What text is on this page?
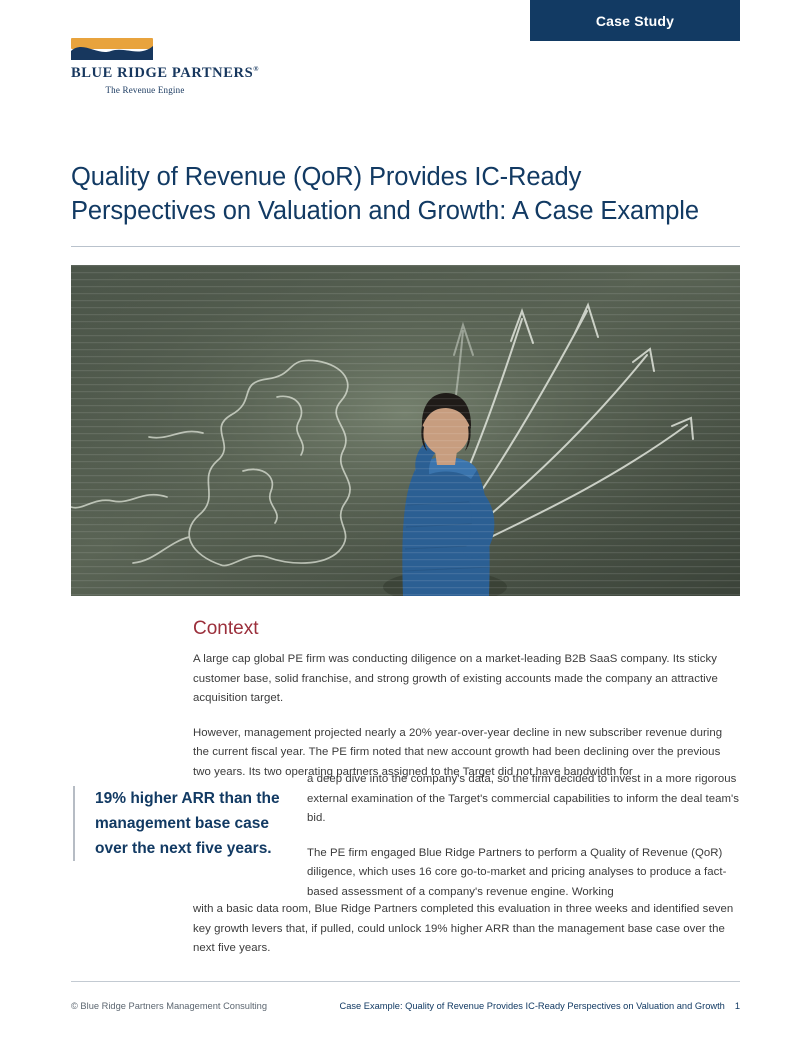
Case Study
BLUE RIDGE PARTNERS®
The Revenue Engine
Quality of Revenue (QoR) Provides IC-Ready
Perspectives on Valuation and Growth: A Case Example
Context

A large cap global PE firm was conducting diligence on a market-leading B2B SaaS company. Its sticky customer base, solid franchise, and strong growth of existing accounts made the company an attractive acquisition target.

However, management projected nearly a 20% year-over-year decline in new subscriber revenue during the current fiscal year. The PE firm noted that new account growth had been declining over the previous two years. Its two operating partners assigned to the Target did not have bandwidth for

19% higher ARR than the management base case over the next five years.

a deep dive into the company's data, so the firm decided to invest in a more rigorous external examination of the Target's commercial capabilities to inform the deal team's bid.

The PE firm engaged Blue Ridge Partners to perform a Quality of Revenue (QoR) diligence, which uses 16 core go-to-market and pricing analyses to produce a fact-based assessment of a company's revenue engine. Working

with a basic data room, Blue Ridge Partners completed this evaluation in three weeks and identified seven key growth levers that, if pulled, could unlock 19% higher ARR than the management base case over the next five years.

© Blue Ridge Partners Management Consulting	Case Example: Quality of Revenue Provides IC-Ready Perspectives on Valuation and Growth 1
